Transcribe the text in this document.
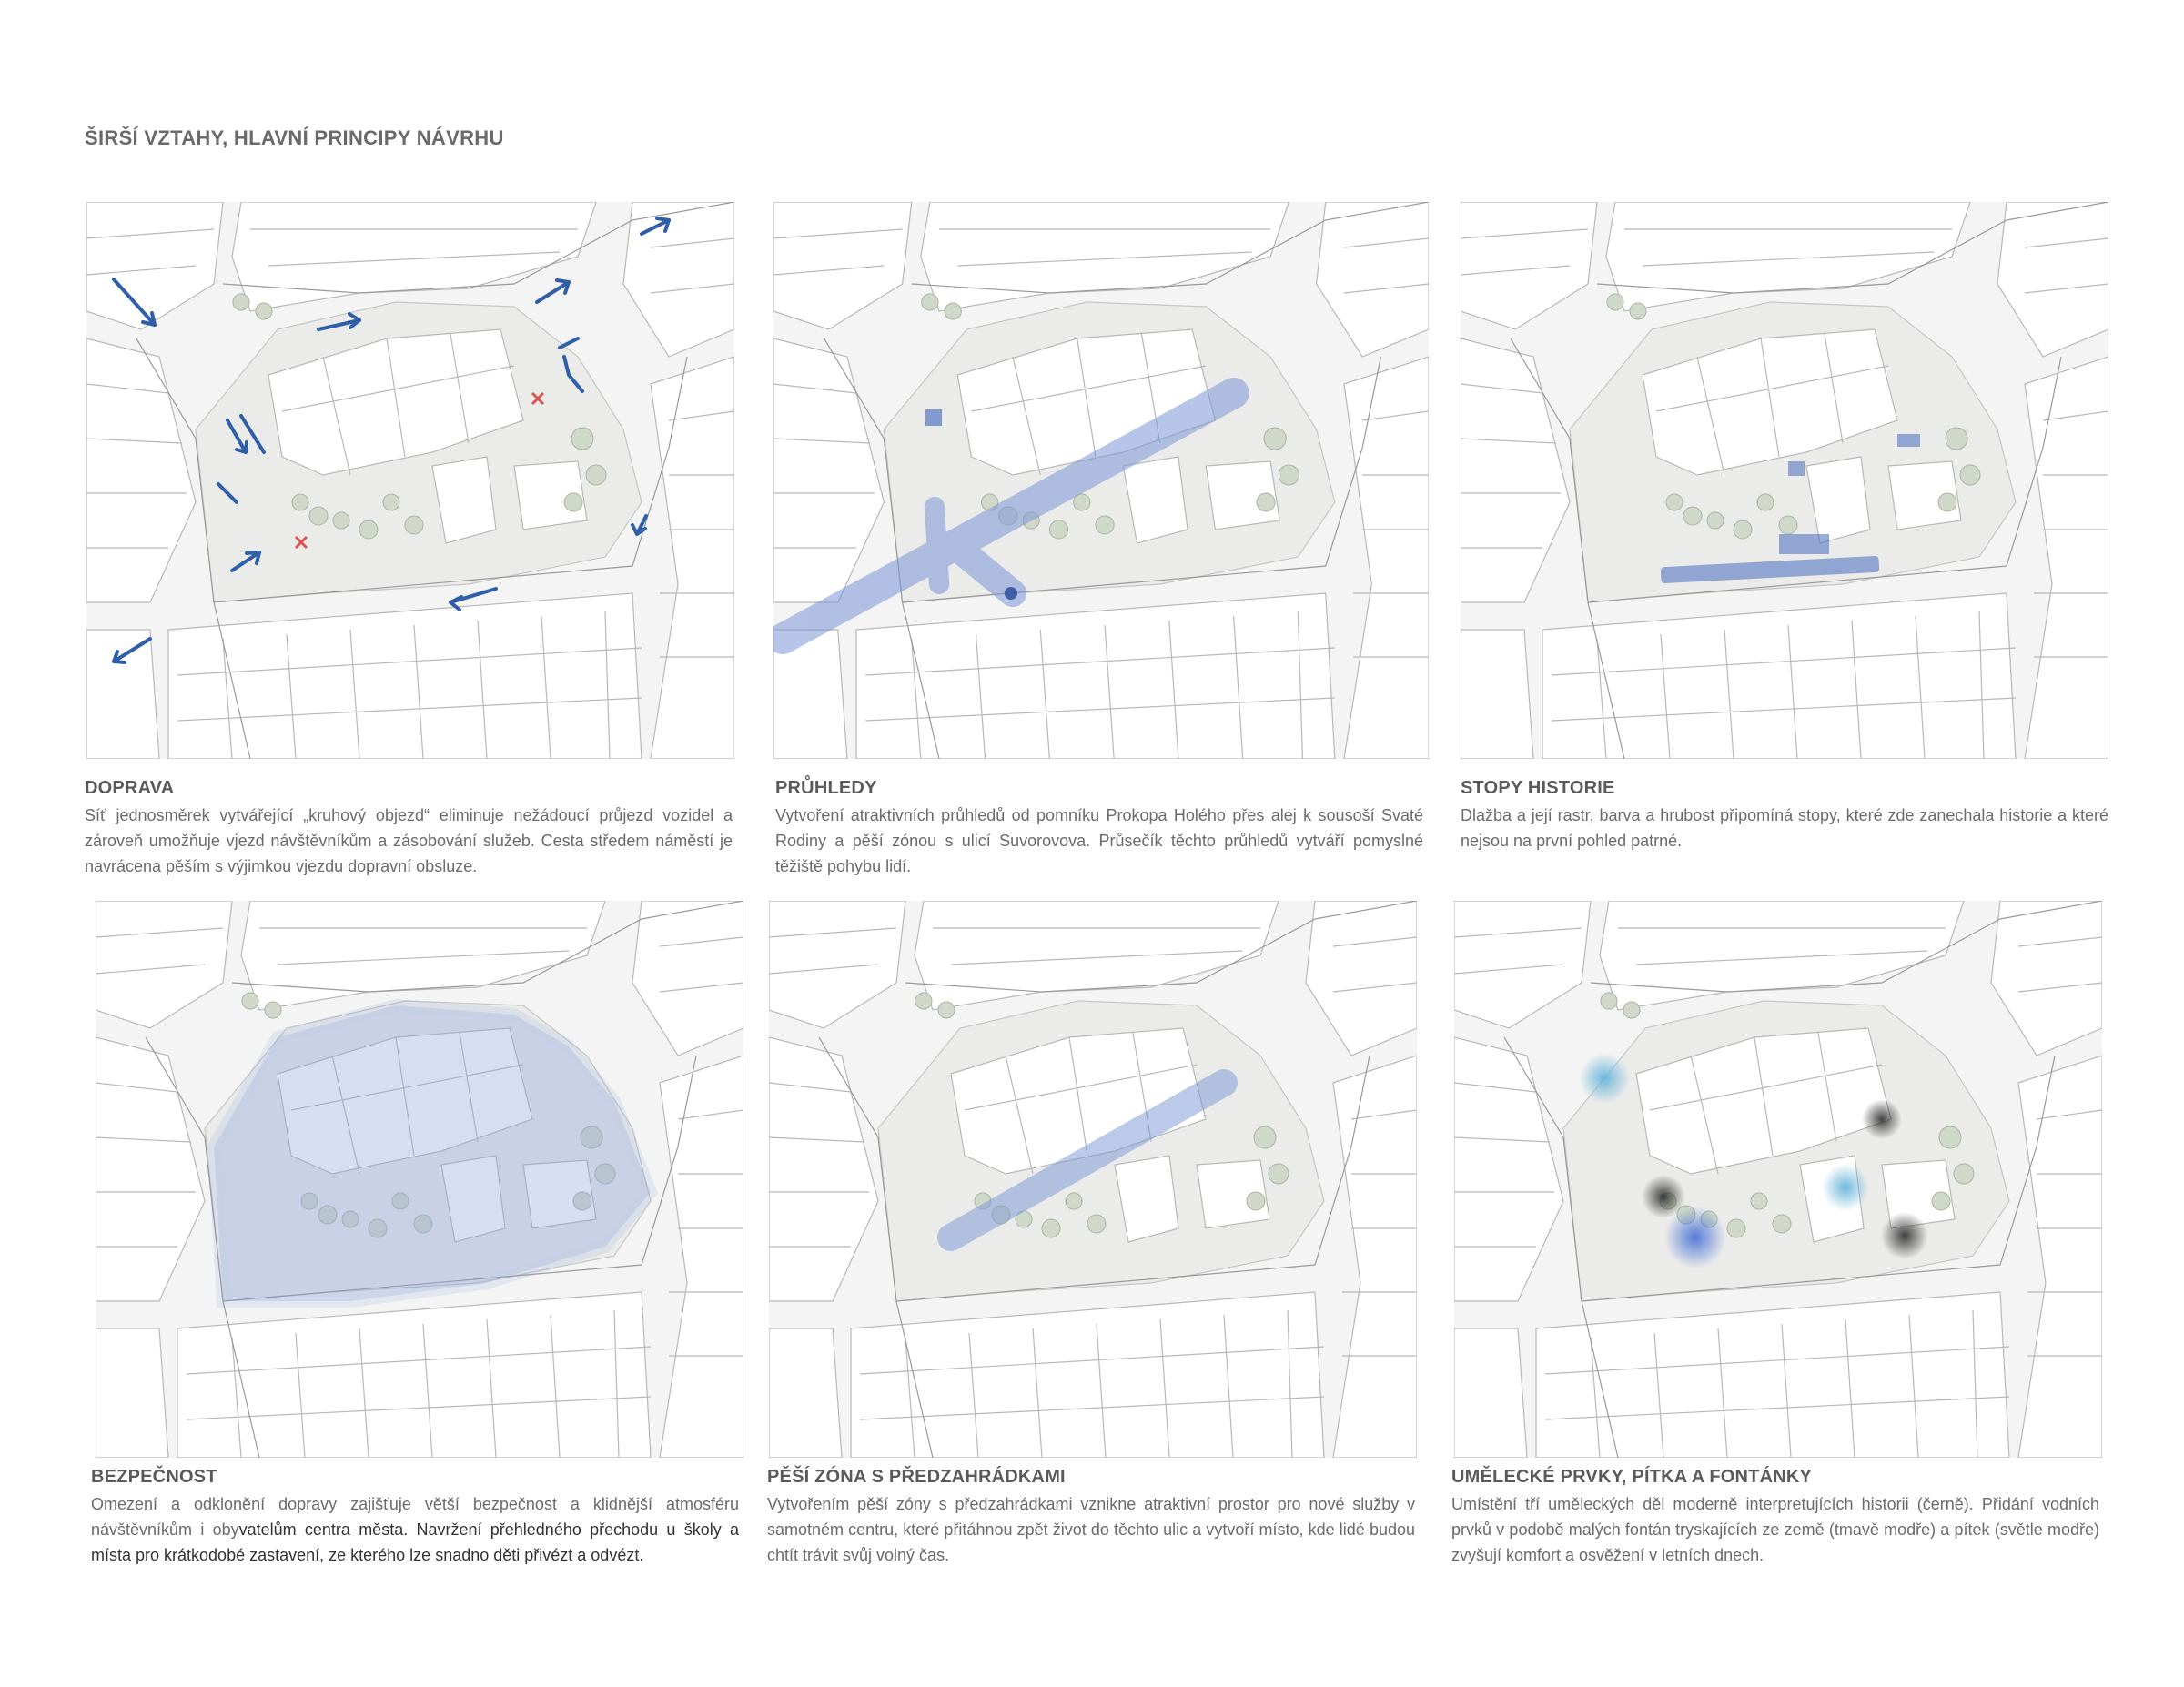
ŠIRŠÍ VZTAHY, HLAVNÍ PRINCIPY NÁVRHU
DOPRAVA

Síť jednosměrek vytvářející „kruhový objezd“ eliminuje nežádoucí průjezd vozidel a zároveň umožňuje vjezd návštěvníkům a zásobování služeb. Cesta středem náměstí je navrácena pěším s výjimkou vjezdu dopravní obsluze.

PRŮHLEDY

Vytvoření atraktivních průhledů od pomníku Prokopa Holého přes alej k sousoší Svaté Rodiny a pěší zónou s ulicí Suvorovova. Průsečík těchto průhledů vytváří pomyslné těžiště pohybu lidí.

STOPY HISTORIE

Dlažba a její rastr, barva a hrubost připomíná stopy, které zde zanechala historie a které nejsou na první pohled patrné.

BEZPEČNOST

Omezení a odklonění dopravy zajišťuje větší bezpečnost a klidnější atmosféru návštěvníkům i obyvatelům centra města. Navržení přehledného přechodu u školy a místa pro krátkodobé zastavení, ze kterého lze snadno děti přivézt a odvézt.

PĚŠÍ ZÓNA S PŘEDZAHRÁDKAMI

Vytvořením pěší zóny s předzahrádkami vznikne atraktivní prostor pro nové služby v samotném centru, které přitáhnou zpět život do těchto ulic a vytvoří místo, kde lidé budou chtít trávit svůj volný čas.

UMĚLECKÉ PRVKY, PÍTKA A FONTÁNKY

Umístění tří uměleckých děl moderně interpretujících historii (černě). Přidání vodních prvků v podobě malých fontán tryskajících ze země (tmavě modře) a pítek (světle modře) zvyšují komfort a osvěžení v letních dnech.
